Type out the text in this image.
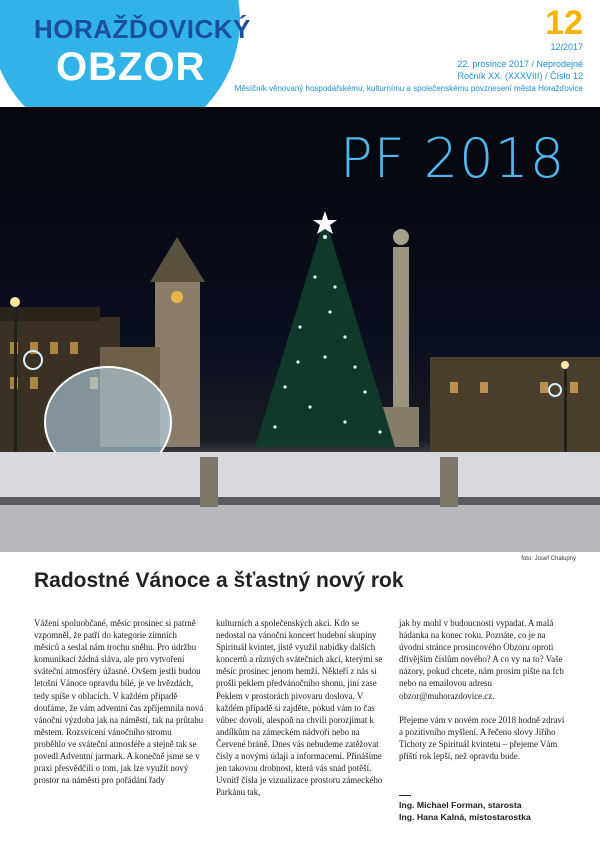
HORAŽĎOVICKÝ
OBZOR
12
12/2017
22. prosince 2017 / Neprodejné
Ročník XX. (XXXVIII) / Číslo 12
Měsíčník věnovaný hospodářskému, kulturnímu a společenskému povznesení města Horažďovice
PF 2018
foto: Josef Chalupný
Radostné Vánoce a šťastný nový rok

Vážení spoluobčané, měsíc prosinec si patrně vzpomněl, že patří do kategorie zimních měsíců a seslal nám trochu sněhu. Pro údržbu komunikací žádná sláva, ale pro vytvoření sváteční atmosféry úžasné. Ovšem jestli budou letošní Vánoce opravdu bílé, je ve hvězdách, tedy spíše v oblacích. V každém případě doufáme, že vám adventní čas zpříjemnila nová vánoční výzdoba jak na náměstí, tak na průtahu městem. Rozsvícení vánočního stromu proběhlo ve sváteční atmosféře a stejně tak se povedl Adventní jarmark. A konečně jsme se v praxi přesvědčili o tom, jak lze využít nový prostor na náměstí pro pořádání řady

kulturních a společenských akcí. Kdo se nedostal na vánoční koncert hudební skupiny Spirituál kvintet, jistě využil nabídky dalších koncertů a různých svátečních akcí, kterými se měsíc prosinec jenom hemží. Někteří z nás si prošli peklem předvánočního shonu, jiní zase Peklem v prostorách pivovaru doslova. V každém případě si zajděte, pokud vám to čas vůbec dovolí, alespoň na chvíli porozjímat k andílkům na zámeckém nádvoří nebo na Červené bráně. Dnes vás nebudeme zatěžovat čísly a novými údaji a informacemi. Přinášíme jen takovou drobnost, která vás snad potěší. Uvnitř čísla je vizualizace prostoru zámeckého Parkánu tak,

jak by mohl v budoucnosti vypadat. A malá hádanka na konec roku. Poznáte, co je na úvodní stránce prosincového Obzoru oproti dřívějším číslům nového? A co vy na to? Vaše názory, pokud chcete, nám prosím pište na fcb nebo na emailovou adresu obzor@muhorazdovice.cz.

Přejeme vám v novém roce 2018 hodně zdraví a pozitivního myšlení. A řečeno slovy Jiřího Tichoty ze Spirituál kvintetu – přejeme Vám příští rok lepší, než opravdu bude.

Ing. Michael Forman, starosta
Ing. Hana Kalná, místostarostka
